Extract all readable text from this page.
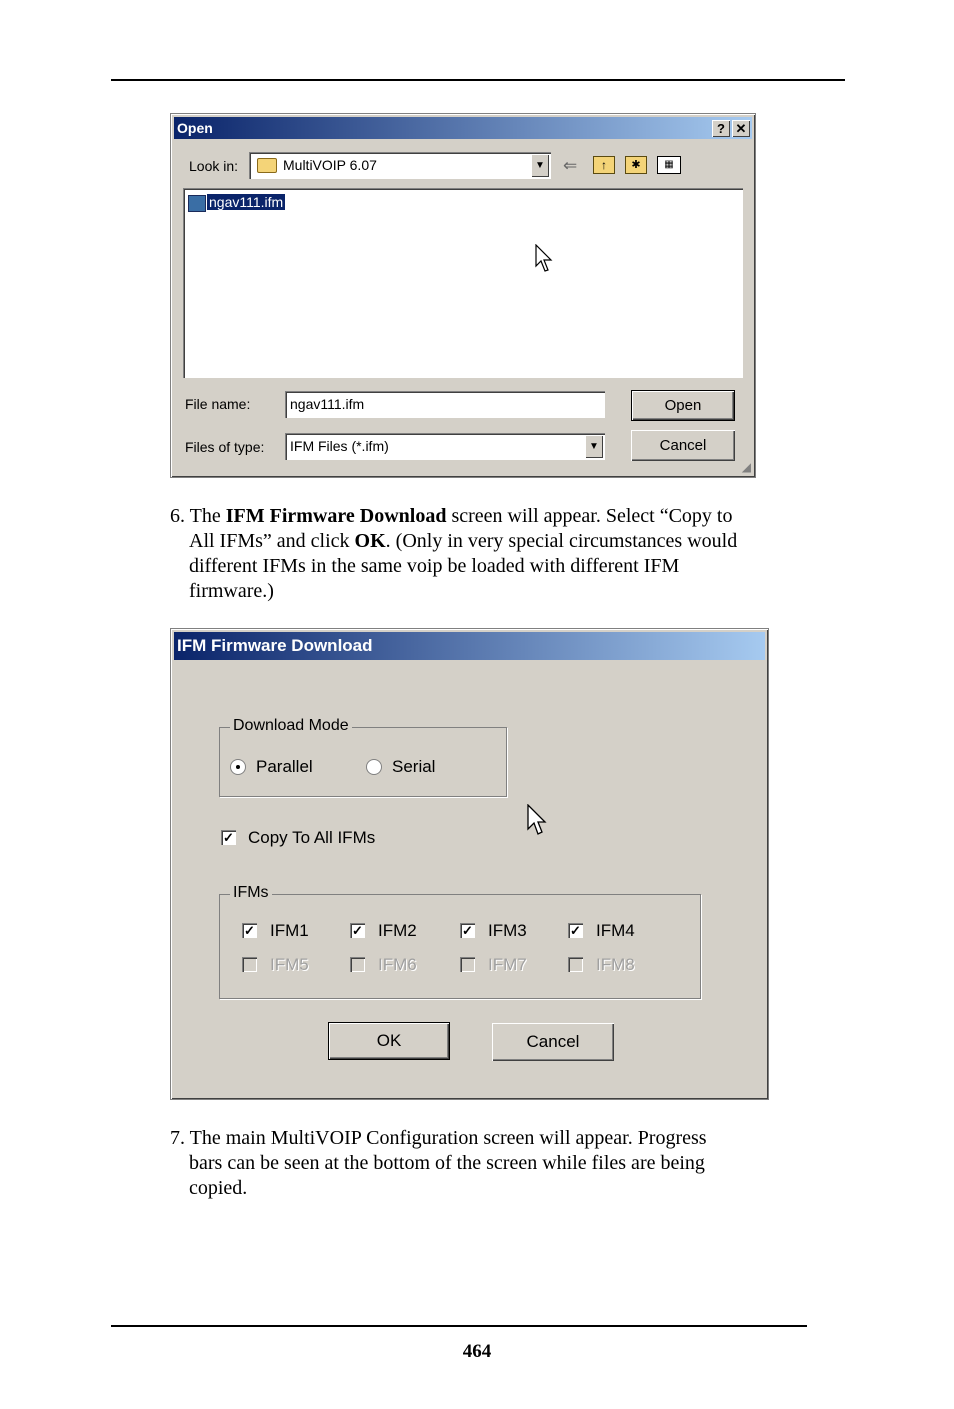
Open	? ✕
Look in:	MultiVOIP 6.07	▼ ⇐	↑	✱	▦
ngav111.ifm
File name:	ngav111.ifm
Files of type: IFM Files (*.ifm)	▼
Open
Cancel
◢
6. The IFM Firmware Download screen will appear. Select “Copy to
All IFMs” and click OK. (Only in very special circumstances would
different IFMs in the same voip be loaded with different IFM
firmware.)
IFM Firmware Download
Download Mode
Parallel	Serial
✓ Copy To All IFMs
IFMs
✓ IFM1	✓ IFM2	✓ IFM3	✓ IFM4
IFM5	IFM6	IFM7	IFM8
OK	Cancel
7. The main MultiVOIP Configuration screen will appear. Progress
bars can be seen at the bottom of the screen while files are being
copied.
464
